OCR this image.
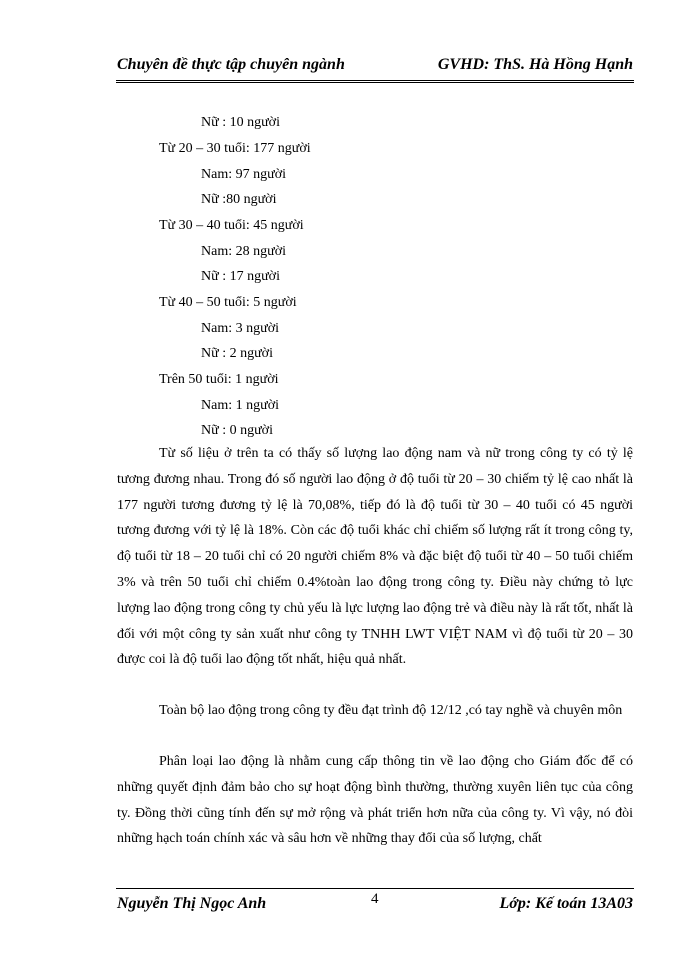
Chuyên đề thực tập chuyên ngành	GVHD: ThS. Hà Hồng Hạnh
Nữ : 10 người
Từ 20 – 30 tuổi: 177 người
Nam: 97 người
Nữ :80 người
Từ 30 – 40 tuổi: 45 người
Nam: 28 người
Nữ : 17 người
Từ 40 – 50 tuổi: 5 người
Nam: 3 người
Nữ : 2 người
Trên 50 tuổi: 1 người
Nam: 1 người
Nữ : 0 người
Từ số liệu ở trên ta có thấy số lượng lao động nam và nữ trong công ty có tỷ lệ tương đương nhau. Trong đó số người lao động ở độ tuổi từ 20 – 30 chiếm tỷ lệ cao nhất là 177 người tương đương tỷ lệ là 70,08%, tiếp đó là độ tuổi từ 30 – 40 tuổi có 45 người tương đương với tỷ lệ là 18%. Còn các độ tuổi khác chỉ chiếm số lượng rất ít trong công ty, độ tuổi từ 18 – 20 tuổi chỉ có 20 người chiếm 8% và đặc biệt độ tuổi từ 40 – 50 tuổi chiếm 3% và trên 50 tuổi chỉ chiếm 0.4%toàn lao động trong công ty. Điều này chứng tỏ lực lượng lao động trong công ty chủ yếu là lực lượng lao động trẻ và điều này là rất tốt, nhất là đối với một công ty sản xuất như công ty TNHH LWT VIỆT NAM vì độ tuổi từ 20 – 30 được coi là độ tuổi lao động tốt nhất, hiệu quả nhất.
Toàn bộ lao động trong công ty đều đạt trình độ 12/12 ,có tay nghề và chuyên môn
Phân loại lao động là nhằm cung cấp thông tin về lao động cho Giám đốc để có những quyết định đảm bảo cho sự hoạt động bình thường, thường xuyên liên tục của công ty. Đồng thời cũng tính đến sự mở rộng và phát triển hơn nữa của công ty. Vì vậy, nó đòi những hạch toán chính xác và sâu hơn về những thay đổi của số lượng, chất
Nguyễn Thị Ngọc Anh	4	Lớp: Kế toán 13A03
